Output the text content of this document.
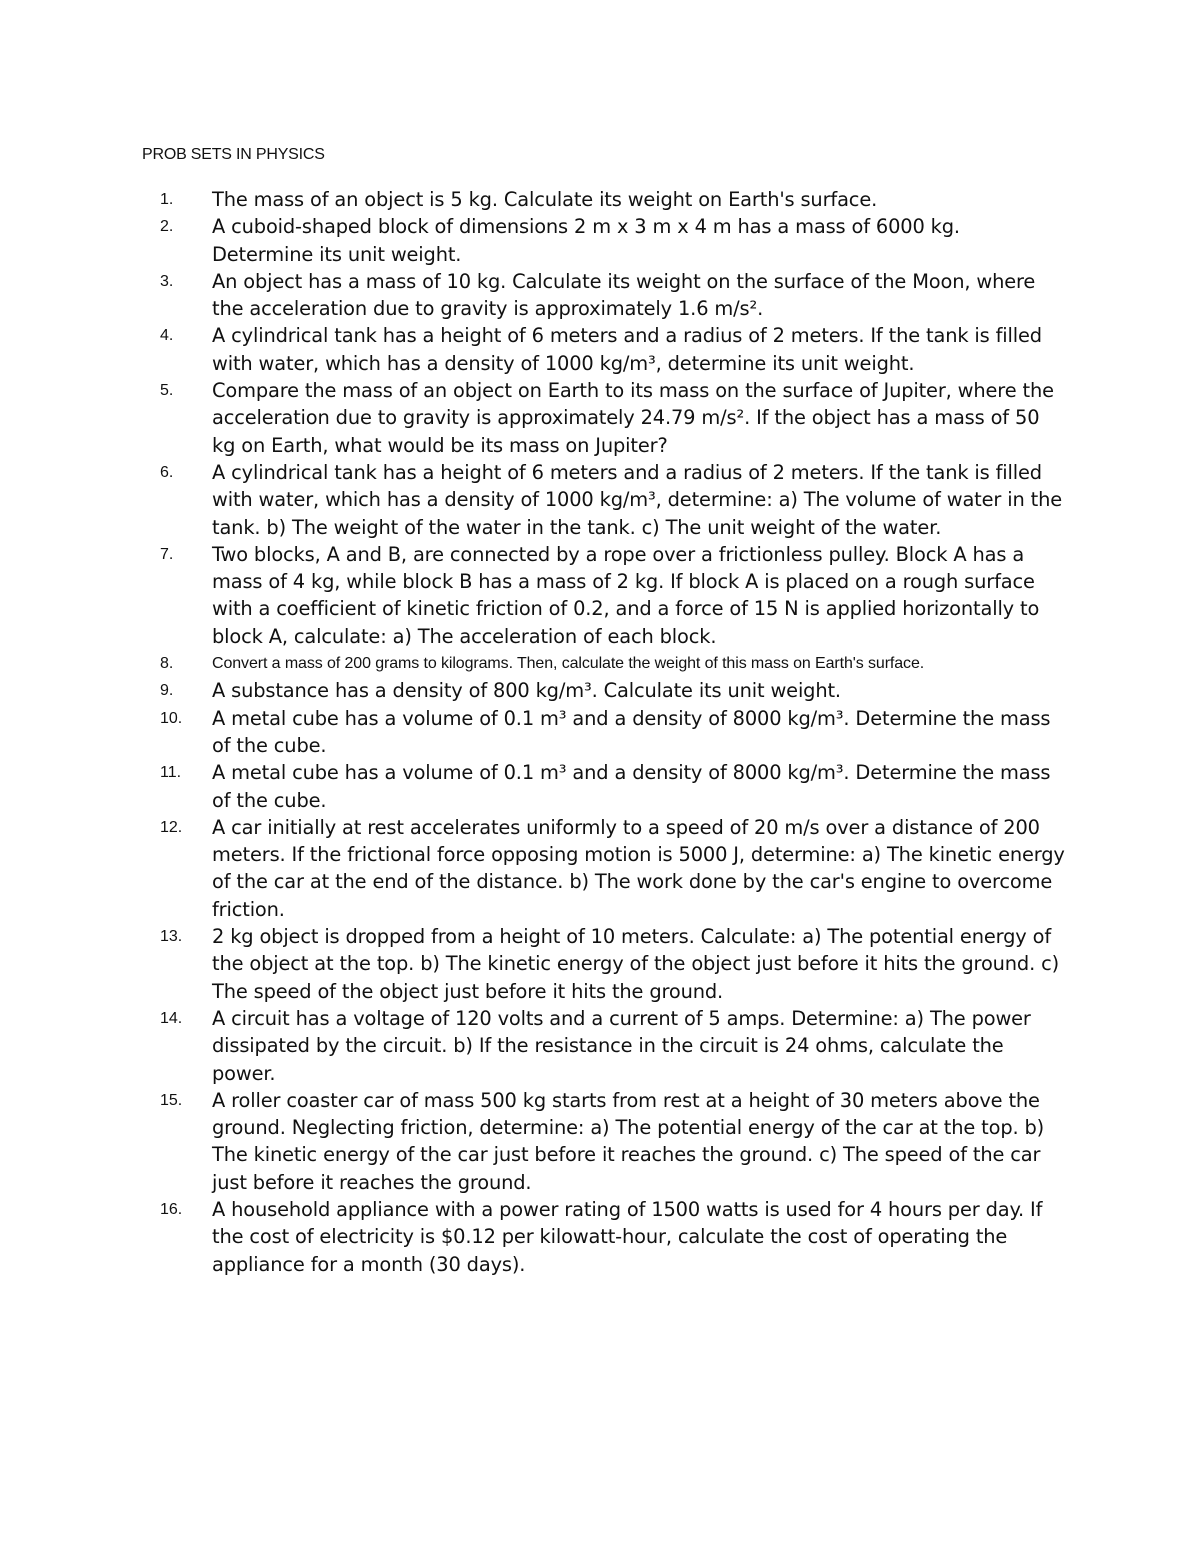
PROB SETS IN PHYSICS
1.	The mass of an object is 5 kg. Calculate its weight on Earth's surface.
2.	A cuboid-shaped block of dimensions 2 m x 3 m x 4 m has a mass of 6000 kg. Determine its unit weight.
3.	An object has a mass of 10 kg. Calculate its weight on the surface of the Moon, where the acceleration due to gravity is approximately 1.6 m/s².
4.	A cylindrical tank has a height of 6 meters and a radius of 2 meters. If the tank is filled with water, which has a density of 1000 kg/m³, determine its unit weight.
5.	Compare the mass of an object on Earth to its mass on the surface of Jupiter, where the acceleration due to gravity is approximately 24.79 m/s². If the object has a mass of 50 kg on Earth, what would be its mass on Jupiter?
6.	A cylindrical tank has a height of 6 meters and a radius of 2 meters. If the tank is filled with water, which has a density of 1000 kg/m³, determine: a) The volume of water in the tank. b) The weight of the water in the tank. c) The unit weight of the water.
7.	Two blocks, A and B, are connected by a rope over a frictionless pulley. Block A has a mass of 4 kg, while block B has a mass of 2 kg. If block A is placed on a rough surface with a coefficient of kinetic friction of 0.2, and a force of 15 N is applied horizontally to block A, calculate: a) The acceleration of each block.
8.	Convert a mass of 200 grams to kilograms. Then, calculate the weight of this mass on Earth's surface.
9.	A substance has a density of 800 kg/m³. Calculate its unit weight.
10.	A metal cube has a volume of 0.1 m³ and a density of 8000 kg/m³. Determine the mass of the cube.
11.	A metal cube has a volume of 0.1 m³ and a density of 8000 kg/m³. Determine the mass of the cube.
12.	A car initially at rest accelerates uniformly to a speed of 20 m/s over a distance of 200 meters. If the frictional force opposing motion is 5000 J, determine: a) The kinetic energy of the car at the end of the distance. b) The work done by the car's engine to overcome friction.
13.	2 kg object is dropped from a height of 10 meters. Calculate: a) The potential energy of the object at the top. b) The kinetic energy of the object just before it hits the ground. c) The speed of the object just before it hits the ground.
14.	A circuit has a voltage of 120 volts and a current of 5 amps. Determine: a) The power dissipated by the circuit. b) If the resistance in the circuit is 24 ohms, calculate the power.
15.	A roller coaster car of mass 500 kg starts from rest at a height of 30 meters above the ground. Neglecting friction, determine: a) The potential energy of the car at the top. b) The kinetic energy of the car just before it reaches the ground. c) The speed of the car just before it reaches the ground.
16.	A household appliance with a power rating of 1500 watts is used for 4 hours per day. If the cost of electricity is $0.12 per kilowatt-hour, calculate the cost of operating the appliance for a month (30 days).
